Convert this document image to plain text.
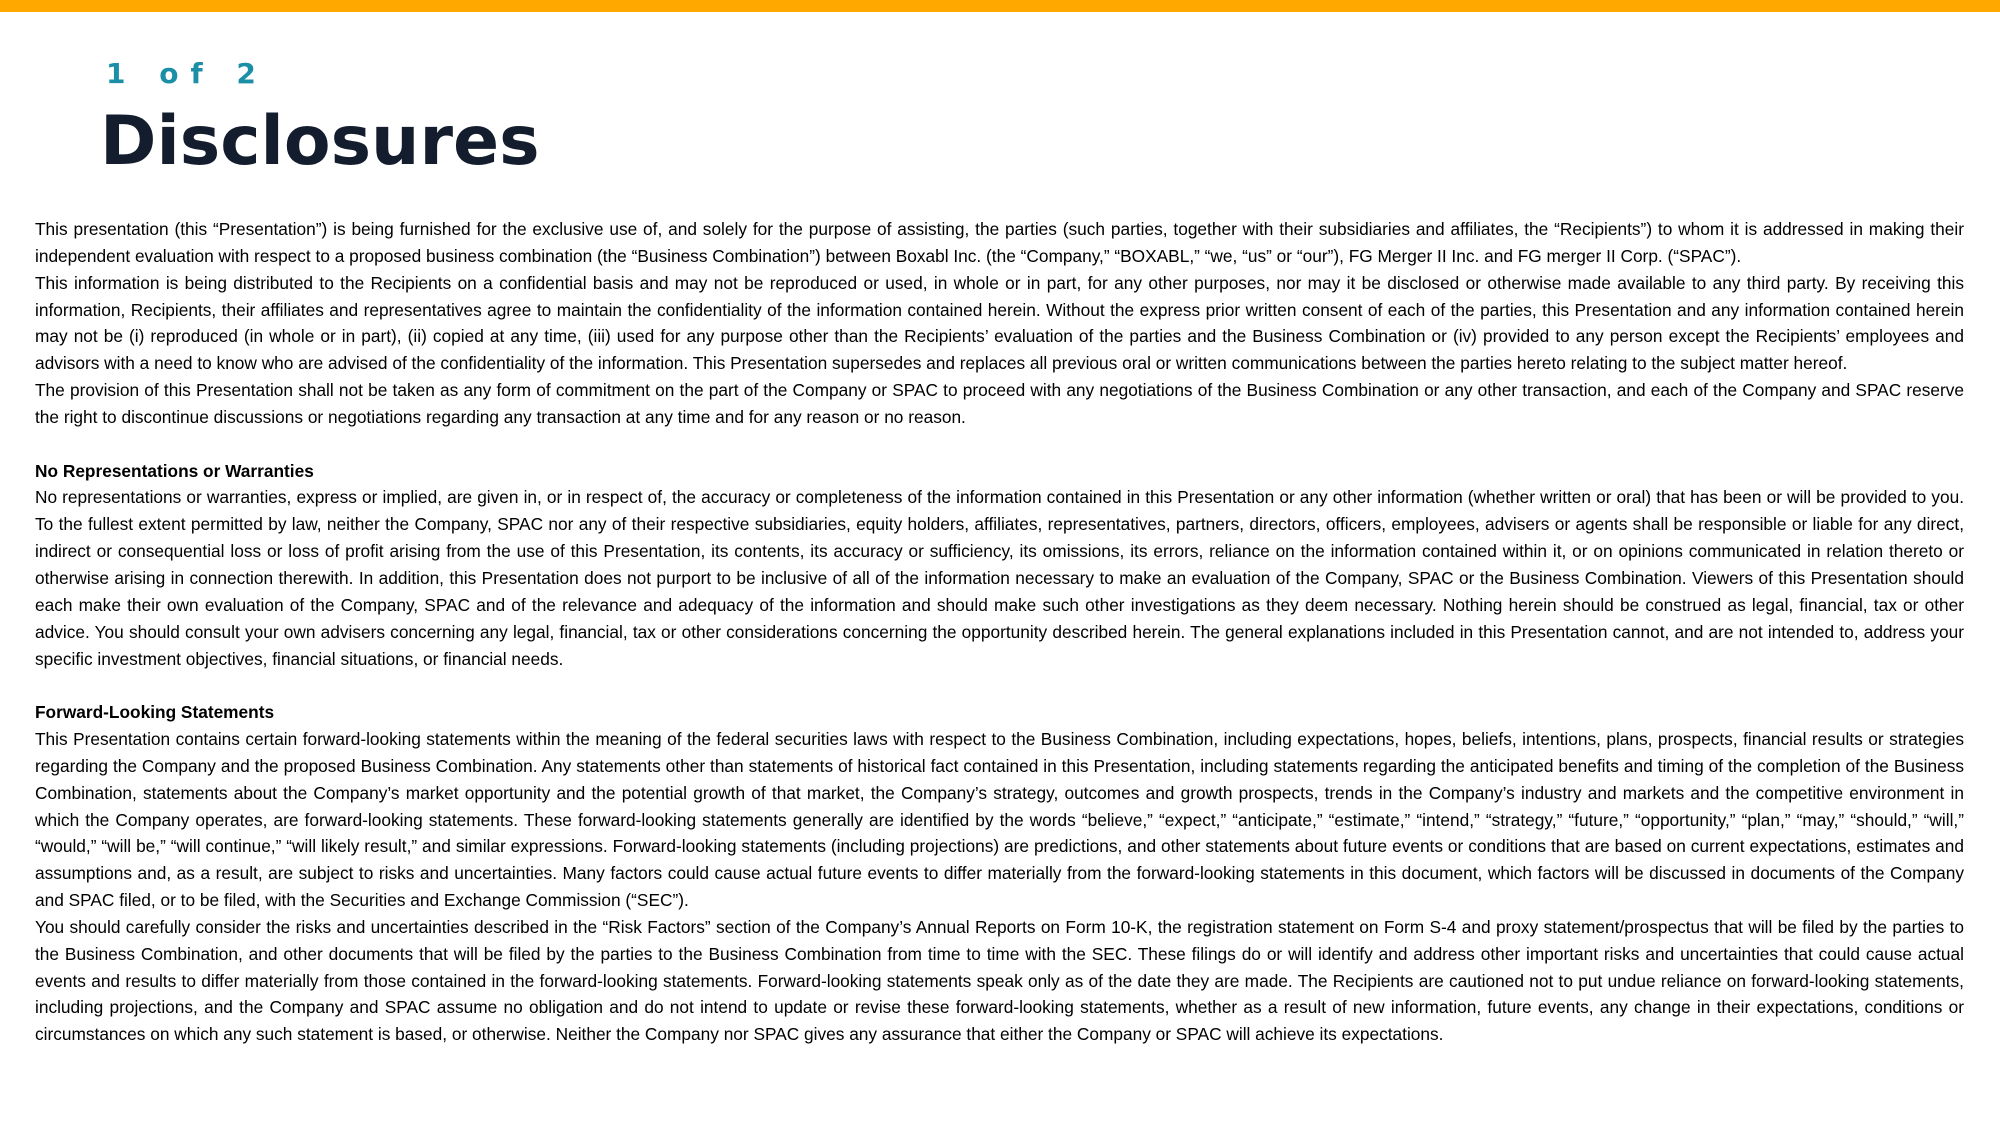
1 of 2
Disclosures

This presentation (this “Presentation”) is being furnished for the exclusive use of, and solely for the purpose of assisting, the parties (such parties, together with their subsidiaries and affiliates, the “Recipients”) to whom it is addressed in making their independent evaluation with respect to a proposed business combination (the “Business Combination”) between Boxabl Inc. (the “Company,” “BOXABL,” “we, “us” or “our”), FG Merger II Inc. and FG merger II Corp. (“SPAC”).

This information is being distributed to the Recipients on a confidential basis and may not be reproduced or used, in whole or in part, for any other purposes, nor may it be disclosed or otherwise made available to any third party. By receiving this information, Recipients, their affiliates and representatives agree to maintain the confidentiality of the information contained herein. Without the express prior written consent of each of the parties, this Presentation and any information contained herein may not be (i) reproduced (in whole or in part), (ii) copied at any time, (iii) used for any purpose other than the Recipients’ evaluation of the parties and the Business Combination or (iv) provided to any person except the Recipients’ employees and advisors with a need to know who are advised of the confidentiality of the information. This Presentation supersedes and replaces all previous oral or written communications between the parties hereto relating to the subject matter hereof.

The provision of this Presentation shall not be taken as any form of commitment on the part of the Company or SPAC to proceed with any negotiations of the Business Combination or any other transaction, and each of the Company and SPAC reserve the right to discontinue discussions or negotiations regarding any transaction at any time and for any reason or no reason.

No Representations or Warranties

No representations or warranties, express or implied, are given in, or in respect of, the accuracy or completeness of the information contained in this Presentation or any other information (whether written or oral) that has been or will be provided to you. To the fullest extent permitted by law, neither the Company, SPAC nor any of their respective subsidiaries, equity holders, affiliates, representatives, partners, directors, officers, employees, advisers or agents shall be responsible or liable for any direct, indirect or consequential loss or loss of profit arising from the use of this Presentation, its contents, its accuracy or sufficiency, its omissions, its errors, reliance on the information contained within it, or on opinions communicated in relation thereto or otherwise arising in connection therewith. In addition, this Presentation does not purport to be inclusive of all of the information necessary to make an evaluation of the Company, SPAC or the Business Combination. Viewers of this Presentation should each make their own evaluation of the Company, SPAC and of the relevance and adequacy of the information and should make such other investigations as they deem necessary. Nothing herein should be construed as legal, financial, tax or other advice. You should consult your own advisers concerning any legal, financial, tax or other considerations concerning the opportunity described herein. The general explanations included in this Presentation cannot, and are not intended to, address your specific investment objectives, financial situations, or financial needs.

Forward-Looking Statements

This Presentation contains certain forward-looking statements within the meaning of the federal securities laws with respect to the Business Combination, including expectations, hopes, beliefs, intentions, plans, prospects, financial results or strategies regarding the Company and the proposed Business Combination. Any statements other than statements of historical fact contained in this Presentation, including statements regarding the anticipated benefits and timing of the completion of the Business Combination, statements about the Company’s market opportunity and the potential growth of that market, the Company’s strategy, outcomes and growth prospects, trends in the Company’s industry and markets and the competitive environment in which the Company operates, are forward-looking statements. These forward-looking statements generally are identified by the words “believe,” “expect,” “anticipate,” “estimate,” “intend,” “strategy,” “future,” “opportunity,” “plan,” “may,” “should,” “will,” “would,” “will be,” “will continue,” “will likely result,” and similar expressions. Forward-looking statements (including projections) are predictions, and other statements about future events or conditions that are based on current expectations, estimates and assumptions and, as a result, are subject to risks and uncertainties. Many factors could cause actual future events to differ materially from the forward-looking statements in this document, which factors will be discussed in documents of the Company and SPAC filed, or to be filed, with the Securities and Exchange Commission (“SEC”).

You should carefully consider the risks and uncertainties described in the “Risk Factors” section of the Company’s Annual Reports on Form 10-K, the registration statement on Form S-4 and proxy statement/prospectus that will be filed by the parties to the Business Combination, and other documents that will be filed by the parties to the Business Combination from time to time with the SEC. These filings do or will identify and address other important risks and uncertainties that could cause actual events and results to differ materially from those contained in the forward-looking statements. Forward-looking statements speak only as of the date they are made. The Recipients are cautioned not to put undue reliance on forward-looking statements, including projections, and the Company and SPAC assume no obligation and do not intend to update or revise these forward-looking statements, whether as a result of new information, future events, any change in their expectations, conditions or circumstances on which any such statement is based, or otherwise. Neither the Company nor SPAC gives any assurance that either the Company or SPAC will achieve its expectations.
